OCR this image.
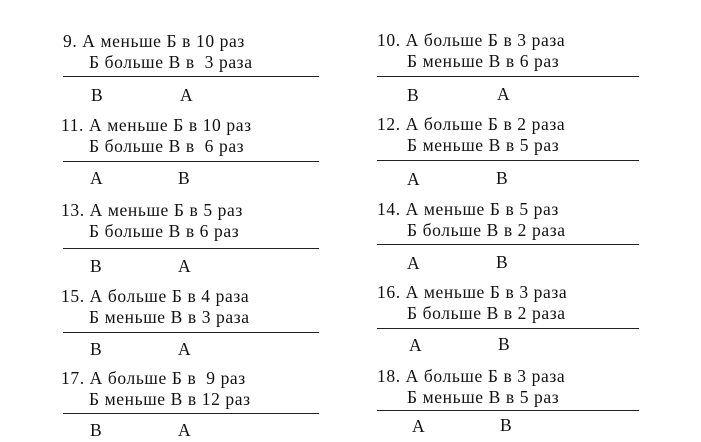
9. А меньше Б в 10 раз
Б больше В в  3 раза
В	А
11. А меньше Б в 10 раз
Б больше В в  6 раз
А	В
13. А меньше Б в 5 раз
Б больше В в 6 раз
В	А
15. А больше Б в 4 раза
Б меньше В в 3 раза
В	А
17. А больше Б в  9 раз
Б меньше В в 12 раз
В	А
10. А больше Б в 3 раза
Б меньше В в 6 раз
В	А
12. А больше Б в 2 раза
Б меньше В в 5 раз
А	В
14. А меньше Б в 5 раз
Б больше В в 2 раза
А	В
16. А меньше Б в 3 раза
Б больше В в 2 раза
А	В
18. А больше Б в 3 раза
Б меньше В в 5 раз
А	В
